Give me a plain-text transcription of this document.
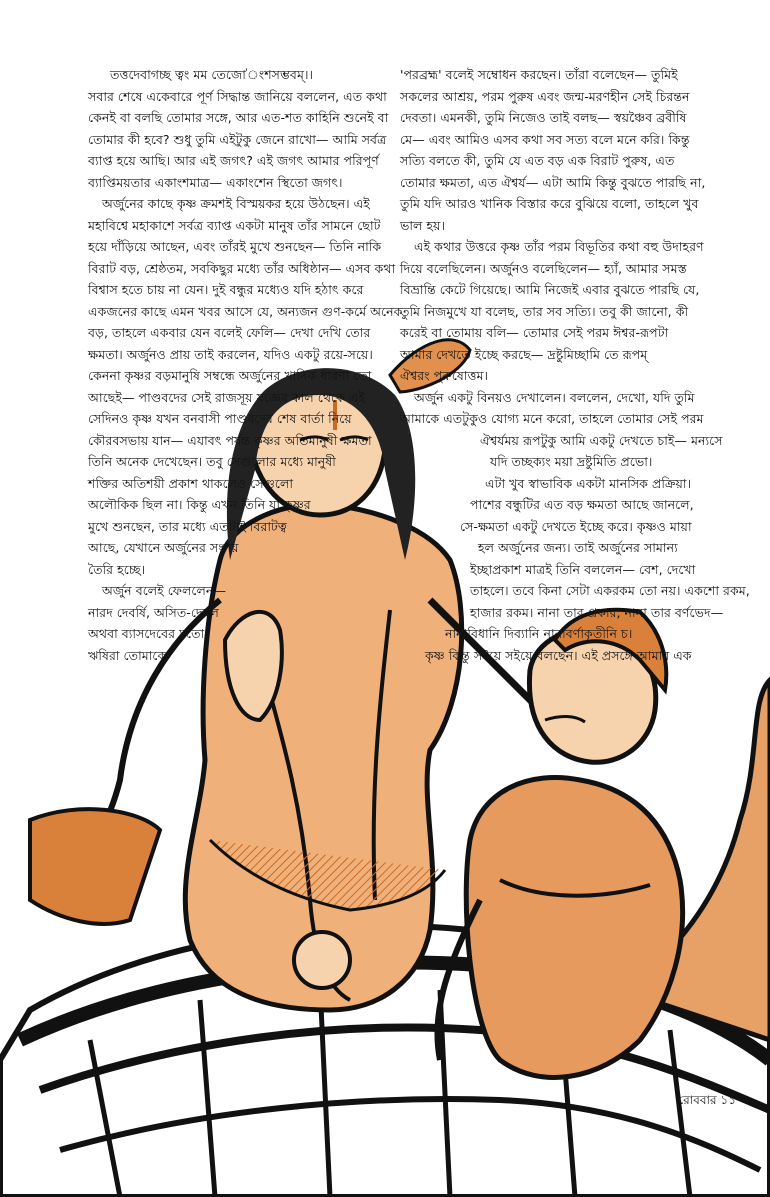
তত্তদেবাগচ্ছ ত্বং মম তেজো'ংশসম্ভবম্।।

সবার শেষে একেবারে পূর্ণ সিদ্ধান্ত জানিয়ে বললেন, এত কথা

কেনই বা বলছি তোমার সঙ্গে, আর এত-শত কাহিনি শুনেই বা

তোমার কী হবে? শুধু তুমি এইটুকু জেনে রাখো— আমি সর্বত্র

ব্যাপ্ত হয়ে আছি। আর এই জগৎ? এই জগৎ আমার পরিপূর্ণ

ব্যাপ্তিময়তার একাংশমাত্র— একাংশেন স্থিতো জগৎ।

অর্জুনের কাছে কৃষ্ণ ক্রমশই বিস্ময়কর হয়ে উঠছেন। এই

মহাবিশ্বে মহাকাশে সর্বত্র ব্যাপ্ত একটা মানুষ তাঁর সামনে ছোট

হয়ে দাঁড়িয়ে আছেন, এবং তাঁরই মুখে শুনছেন— তিনি নাকি

বিরাট বড়, শ্রেষ্ঠতম, সবকিছুর মধ্যে তাঁর অধিষ্ঠান— এসব কথা

বিশ্বাস হতে চায় না যেন। দুই বন্ধুর মধ্যেও যদি হঠাৎ করে

একজনের কাছে এমন খবর আসে যে, অন্যজন গুণ-কর্মে অনেক

বড়, তাহলে একবার যেন বলেই ফেলি— দেখা দেখি তোর

ক্ষমতা। অর্জুনও প্রায় তাই করলেন, যদিও একটু রয়ে-সয়ে।

কেননা কৃষ্ণর বড়মানুষি সম্বন্ধে অর্জুনের খানিক ধারণা তো

আছেই— পাণ্ডবদের সেই রাজসূয় যজ্ঞের কাল থেকে এই

সেদিনও কৃষ্ণ যখন বনবাসী পাণ্ডবদের শেষ বার্তা নিয়ে

কৌরবসভায় যান— এযাবৎ পর্যন্ত কৃষ্ণর অতিমানুষী ক্ষমতা

তিনি অনেক দেখেছেন। তবু সেগুলোর মধ্যে মানুষী

শক্তির অতিশয়ী প্রকাশ থাকলেও সেগুলো

অলৌকিক ছিল না। কিন্তু এখন তিনি যা কৃষ্ণর

মুখে শুনছেন, তার মধ্যে এতটাই বিরাটত্ব

আছে, যেখানে অর্জুনের সংশয়

তৈরি হচ্ছে।

অর্জুন বলেই ফেললেন—

নারদ দেবর্ষি, অসিত-দেবল

অথবা ব্যাসদেবের মতো

ঋষিরা তোমাকে

'পরব্রহ্ম' বলেই সম্বোধন করছেন। তাঁরা বলেছেন— তুমিই

সকলের আশ্রয়, পরম পুরুষ এবং জন্ম-মরণহীন সেই চিরন্তন

দেবতা। এমনকী, তুমি নিজেও তাই বলছ— স্বয়ঞ্চৈব ব্রবীষি

মে— এবং আমিও এসব কথা সব সত্য বলে মনে করি। কিন্তু

সত্যি বলতে কী, তুমি যে এত বড় এক বিরাট পুরুষ, এত

তোমার ক্ষমতা, এত ঐশ্বর্য— এটা আমি কিন্তু বুঝতে পারছি না,

তুমি যদি আরও খানিক বিস্তার করে বুঝিয়ে বলো, তাহলে খুব

ভাল হয়।

এই কথার উত্তরে কৃষ্ণ তাঁর পরম বিভূতির কথা বহু উদাহরণ

দিয়ে বলেছিলেন। অর্জুনও বলেছিলেন— হ্যাঁ, আমার সমস্ত

বিভ্রান্তি কেটে গিয়েছে। আমি নিজেই এবার বুঝতে পারছি যে,

তুমি নিজমুখে যা বলেছ, তার সব সত্যি। তবু কী জানো, কী

করেই বা তোমায় বলি— তোমার সেই পরম ঈশ্বর-রূপটা

আমার দেখতে ইচ্ছে করছে— দ্রষ্টুমিচ্ছামি তে রূপম্

ঐশ্বরং পুরুষোত্তম।

অর্জুন একটু বিনয়ও দেখালেন। বললেন, দেখো, যদি তুমি

আমাকে এতটুকুও যোগ্য মনে করো, তাহলে তোমার সেই পরম

ঐশ্বর্যময় রূপটুকু আমি একটু দেখতে চাই— মন্যসে

যদি তচ্ছক্যং ময়া দ্রষ্টুমিতি প্রভো।

এটা খুব স্বাভাবিক একটা মানসিক প্রক্রিয়া।

পাশের বন্ধুটির এত বড় ক্ষমতা আছে জানলে,

সে-ক্ষমতা একটু দেখতে ইচ্ছে করে। কৃষ্ণও মায়া

হল অর্জুনের জন্য। তাই অর্জুনের সামান্য

ইচ্ছাপ্রকাশ মাত্রই তিনি বললেন— বেশ, দেখো

তাহলে। তবে কিনা সেটা একরকম তো নয়। একশো রকম,

হাজার রকম। নানা তার প্রকার, নানা তার বর্ণভেদ—

নানাবিধানি দিব্যানি নানাবর্ণাকৃতীনি চ।

কৃষ্ণ কিন্তু সইয়ে সইয়ে বলছেন। এই প্রসঙ্গে আমার এক

রোববার ১১
